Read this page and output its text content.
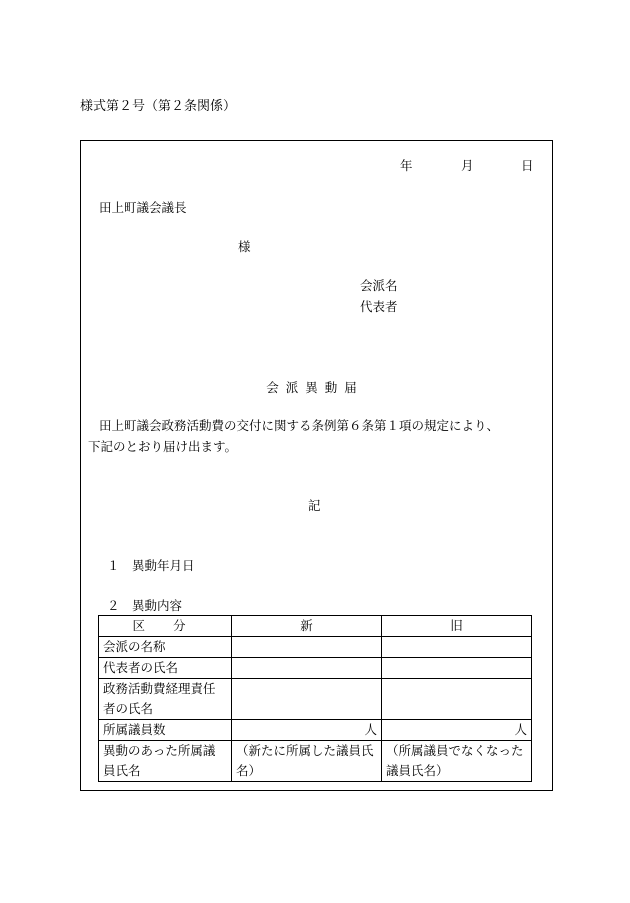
様式第２号（第２条関係）
年	月	日
田上町議会議長
様
会派名
代表者
会派異動届
田上町議会政務活動費の交付に関する条例第６条第１項の規定により、
下記のとおり届け出ます。
記
１　異動年月日
２　異動内容
区 分	新	旧
会派の名称		
代表者の氏名		
政務活動費経理責任者の氏名		
所属議員数	人	人
異動のあった所属議員氏名	（新たに所属した議員氏名）	（所属議員でなくなった議員氏名）
